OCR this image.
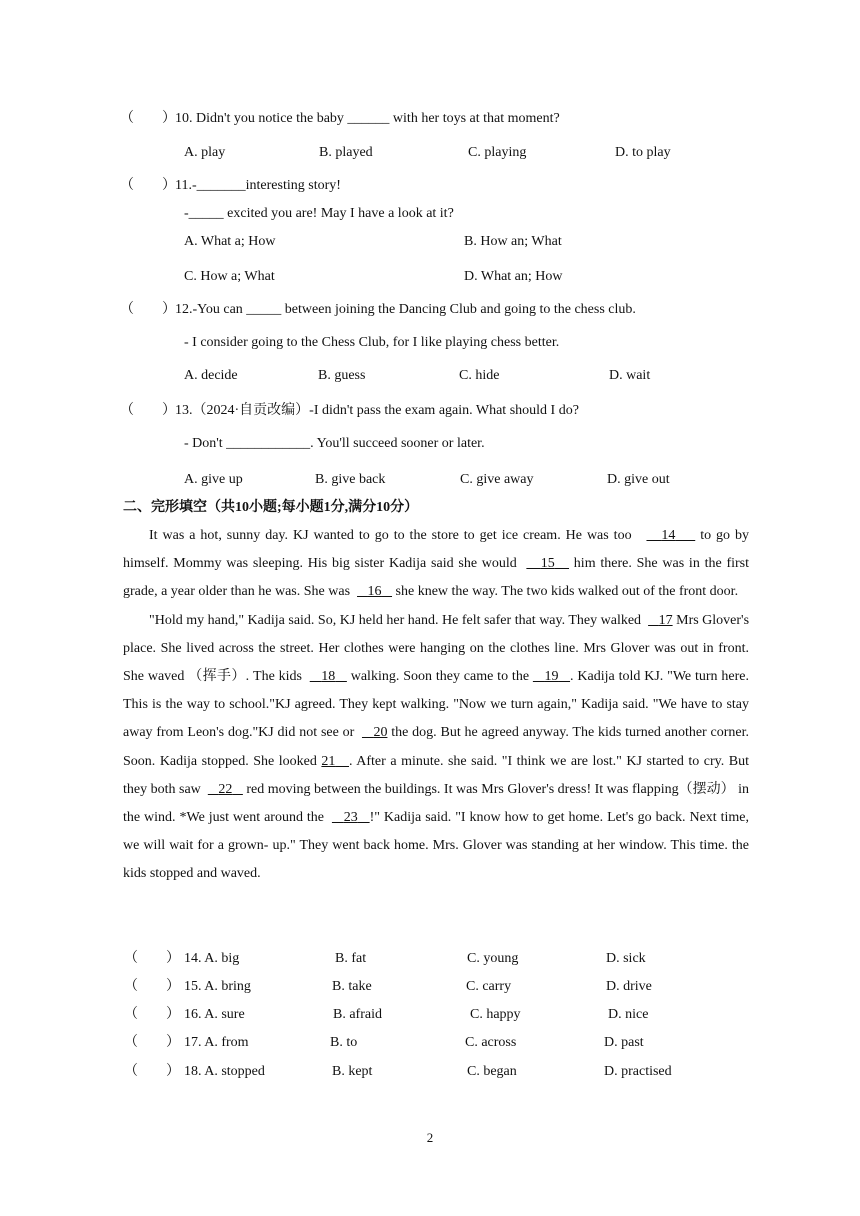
（　　） 10. Didn't you notice the baby ______ with her toys at that moment?
A. play	B. played	C. playing	D. to play
（　　） 11.-_______interesting story!
-_____ excited you are! May I have a look at it?
A. What a; How	B. How an; What
C. How a; What	D. What an; How
（　　） 12.-You can _____ between joining the Dancing Club and going to the chess club.
- I consider going to the Chess Club, for I like playing chess better.
A. decide	B. guess	C. hide	D. wait
（　　） 13.（2024·自贡改编）-I didn't pass the exam again. What should I do?
- Don't ____________. You'll succeed sooner or later.
A. give up	B. give back	C. give away	D. give out
二、完形填空（共10小题;每小题1分,满分10分）

It was a hot, sunny day. KJ wanted to go to the store to get ice cream. He was too      14     to go by himself. Mommy was sleeping. His big sister Kadija said she would     15    him there. She was in the first grade, a year older than he was. She was     16    she knew the way. The two kids walked out of the front door.

"Hold my hand," Kadija said. So, KJ held her hand. He felt safer that way. They walked     17 Mrs Glover's place. She lived across the street. Her clothes were hanging on the clothes line. Mrs Glover was out in front. She waved （挥手）. The kids     18    walking. Soon they came to the    19 . Kadija told KJ. "We turn here. This is the way to school."KJ agreed. They kept walking. "Now we turn again," Kadija said. "We have to stay away from Leon's dog."KJ did not see or     20 the dog. But he agreed anyway. The kids turned another corner. Soon. Kadija stopped. She looked 21 . After a minute. she said. "I think we are lost." KJ started to cry. But they both saw     22    red moving between the buildings. It was Mrs Glover's dress! It was flapping（摆动） in the wind. *We just went around the     23 !" Kadija said. "I know how to get home. Let's go back. Next time, we will wait for a grown- up." They went back home. Mrs. Glover was standing at her window. This time. the kids stopped and waved.

（　　） 14. A. big	B. fat	C. young	D. sick
（　　） 15. A. bring	B. take	C. carry	D. drive
（　　） 16. A. sure	B. afraid	C. happy	D. nice
（　　） 17. A. from	B. to	C. across	D. past
（　　） 18. A. stopped	B. kept	C. began	D. practised
2
